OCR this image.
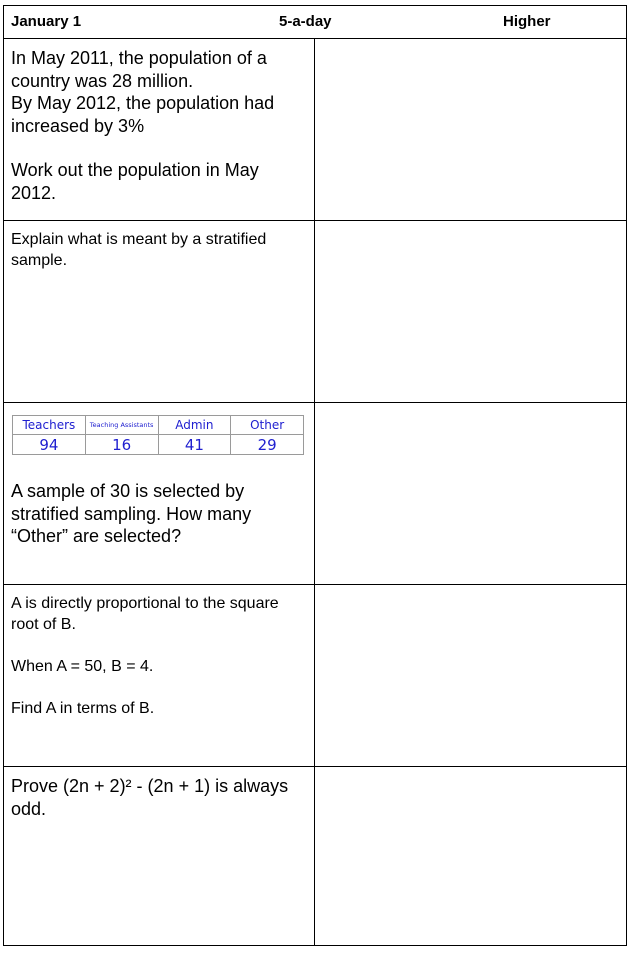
January 1	5-a-day	Higher
In May 2011, the population of a country was 28 million.
By May 2012, the population had increased by 3%
Work out the population in May 2012.
Explain what is meant by a stratified sample.
Teachers	Teaching Assistants	Admin	Other
94	16	41	29
A sample of 30 is selected by stratified sampling. How many “Other” are selected?
A is directly proportional to the square root of B.
When A = 50, B = 4.
Find A in terms of B.
Prove (2n + 2)² - (2n + 1) is always odd.
